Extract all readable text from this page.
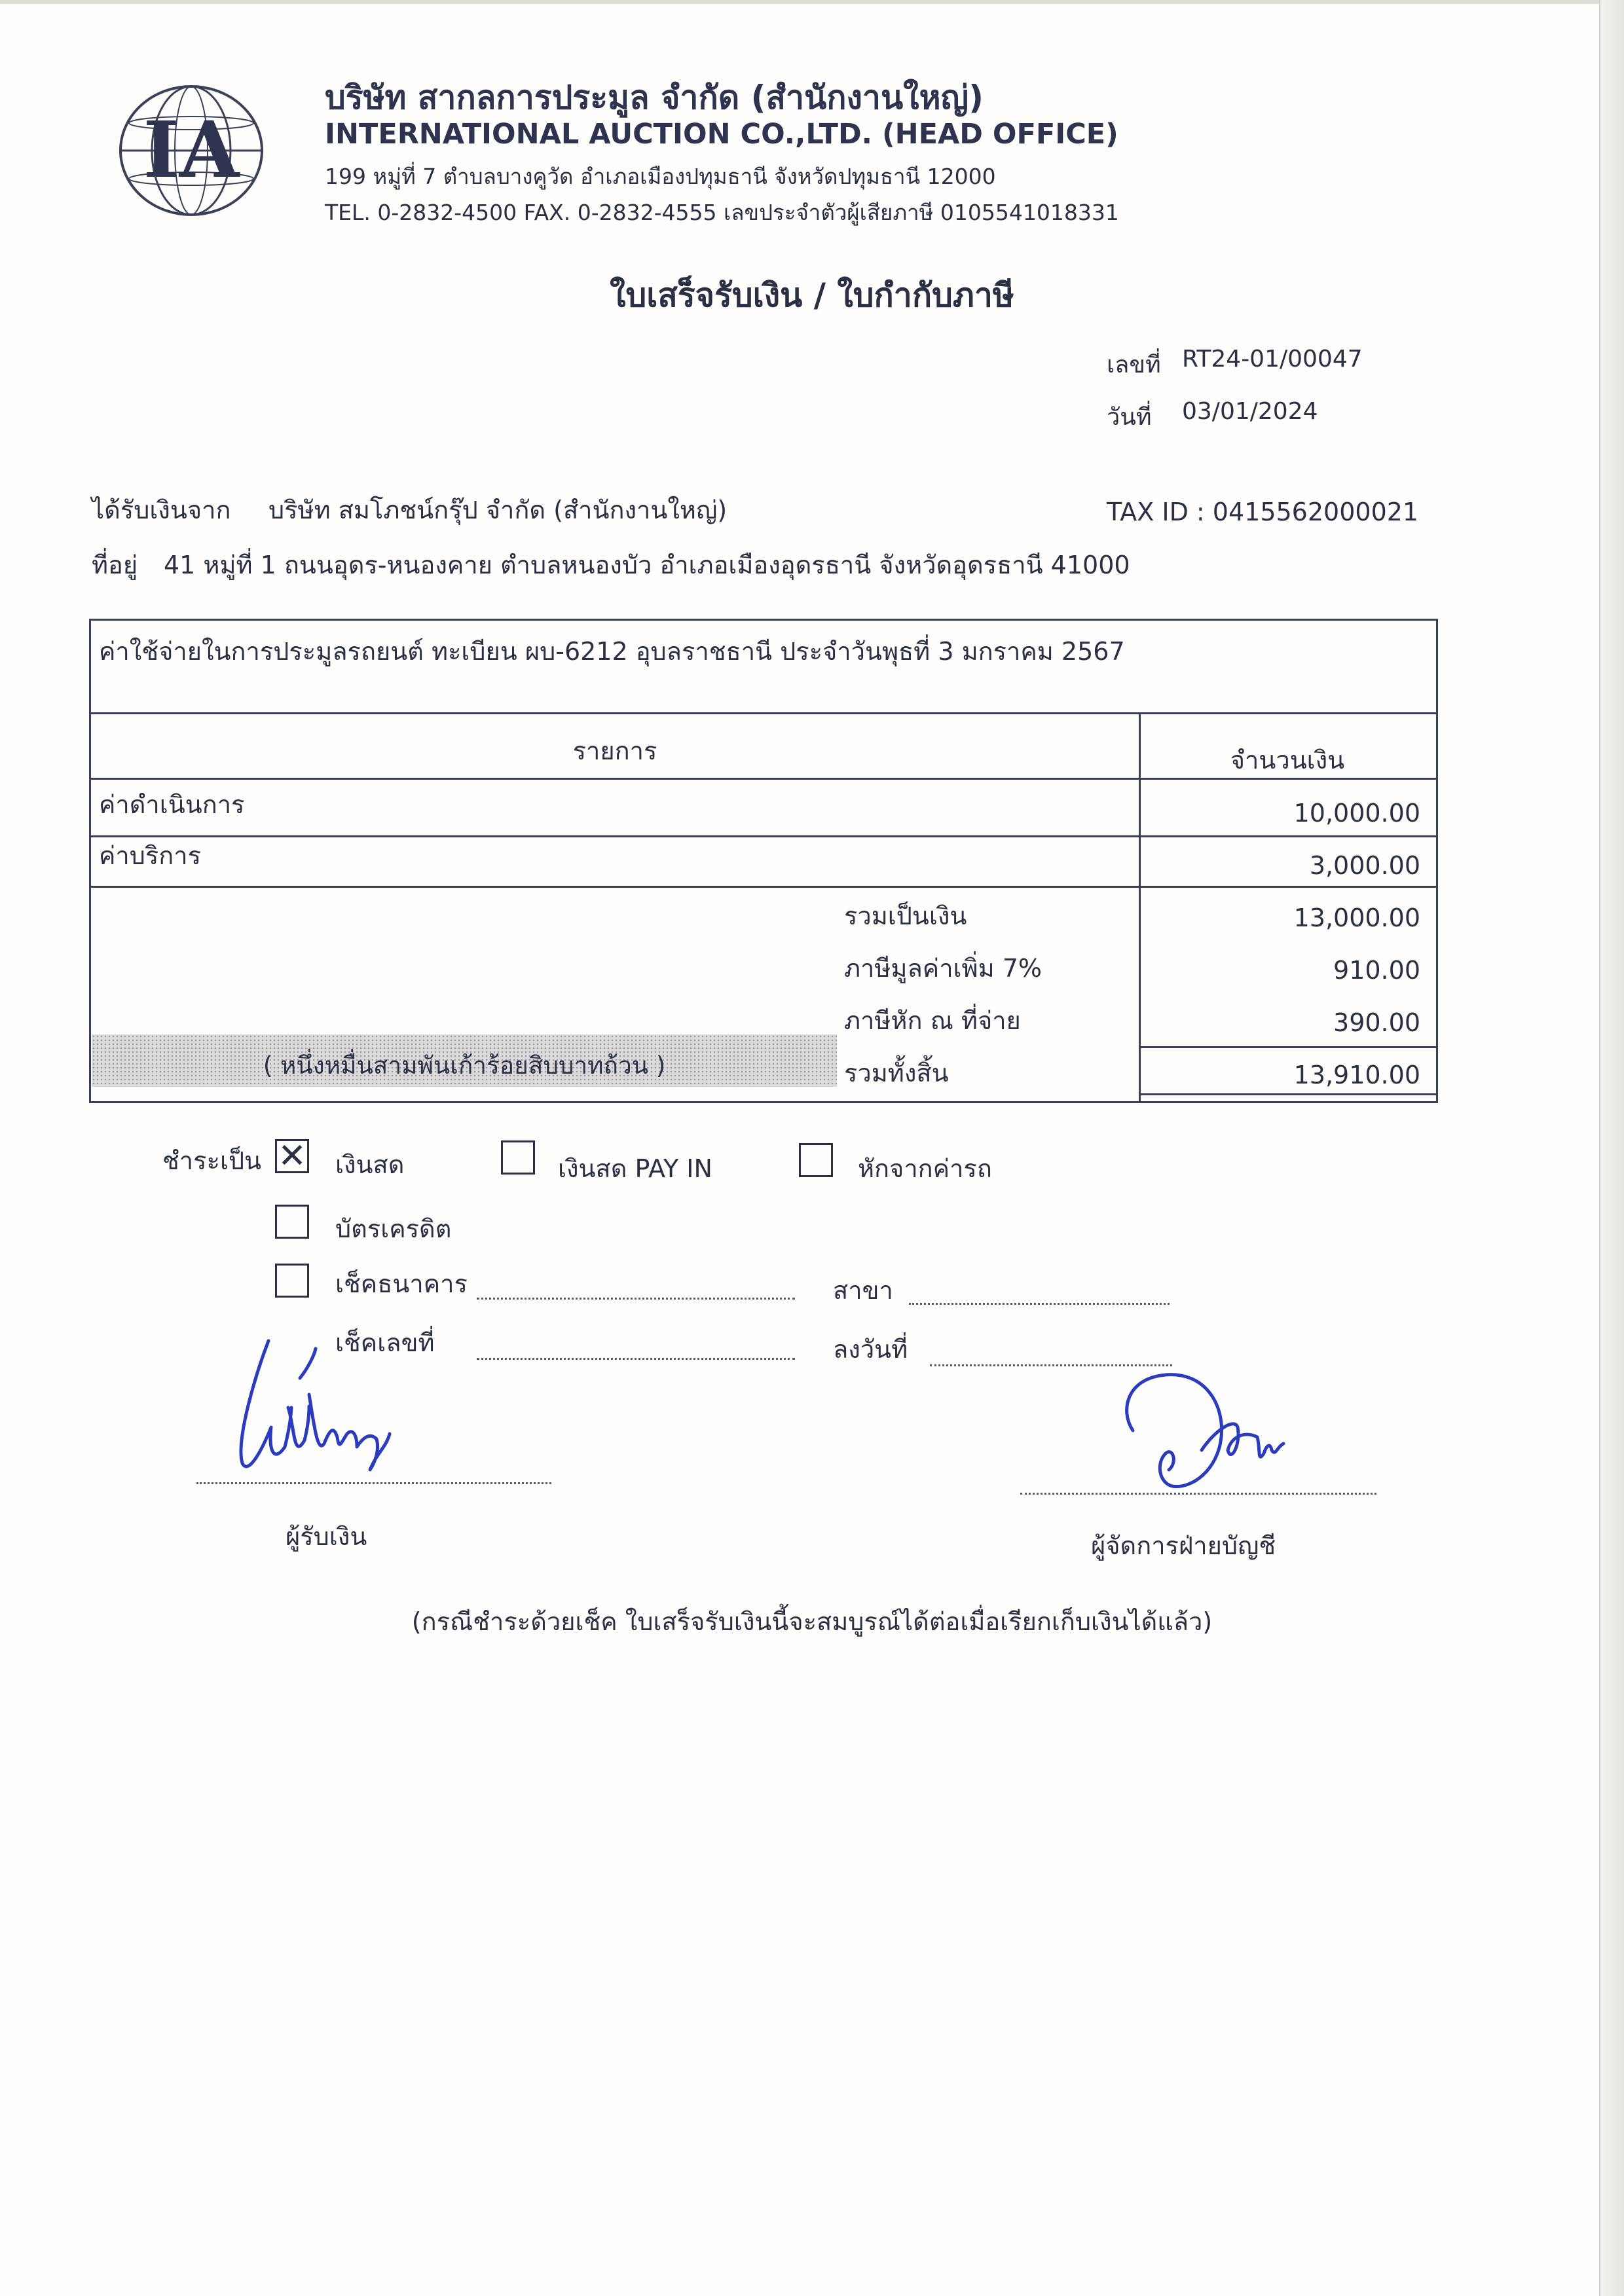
IA
บริษัท สากลการประมูล จำกัด (สำนักงานใหญ่)
INTERNATIONAL AUCTION CO.,LTD. (HEAD OFFICE)
199 หมู่ที่ 7 ตำบลบางคูวัด อำเภอเมืองปทุมธานี จังหวัดปทุมธานี 12000
TEL. 0-2832-4500 FAX. 0-2832-4555 เลขประจำตัวผู้เสียภาษี 0105541018331
ใบเสร็จรับเงิน / ใบกำกับภาษี
เลขที่ RT24-01/00047
วันที่ 03/01/2024
ได้รับเงินจาก บริษัท สมโภชน์กรุ๊ป จำกัด (สำนักงานใหญ่)	TAX ID : 0415562000021
ที่อยู่ 41 หมู่ที่ 1 ถนนอุดร-หนองคาย ตำบลหนองบัว อำเภอเมืองอุดรธานี จังหวัดอุดรธานี 41000
ค่าใช้จ่ายในการประมูลรถยนต์ ทะเบียน ผบ-6212 อุบลราชธานี ประจำวันพุธที่ 3 มกราคม 2567
รายการ	จำนวนเงิน
ค่าดำเนินการ	10,000.00
ค่าบริการ	3,000.00
รวมเป็นเงิน	13,000.00
ภาษีมูลค่าเพิ่ม 7%	910.00
ภาษีหัก ณ ที่จ่าย	390.00
รวมทั้งสิ้น	13,910.00
( หนึ่งหมื่นสามพันเก้าร้อยสิบบาทถ้วน )
ชำระเป็น ✕ เงินสด	เงินสด PAY IN	หักจากค่ารถ
บัตรเครดิต
เช็คธนาคาร	สาขา
เช็คเลขที่	ลงวันที่
ผู้รับเงิน	ผู้จัดการฝ่ายบัญชี
(กรณีชำระด้วยเช็ค ใบเสร็จรับเงินนี้จะสมบูรณ์ได้ต่อเมื่อเรียกเก็บเงินได้แล้ว)
